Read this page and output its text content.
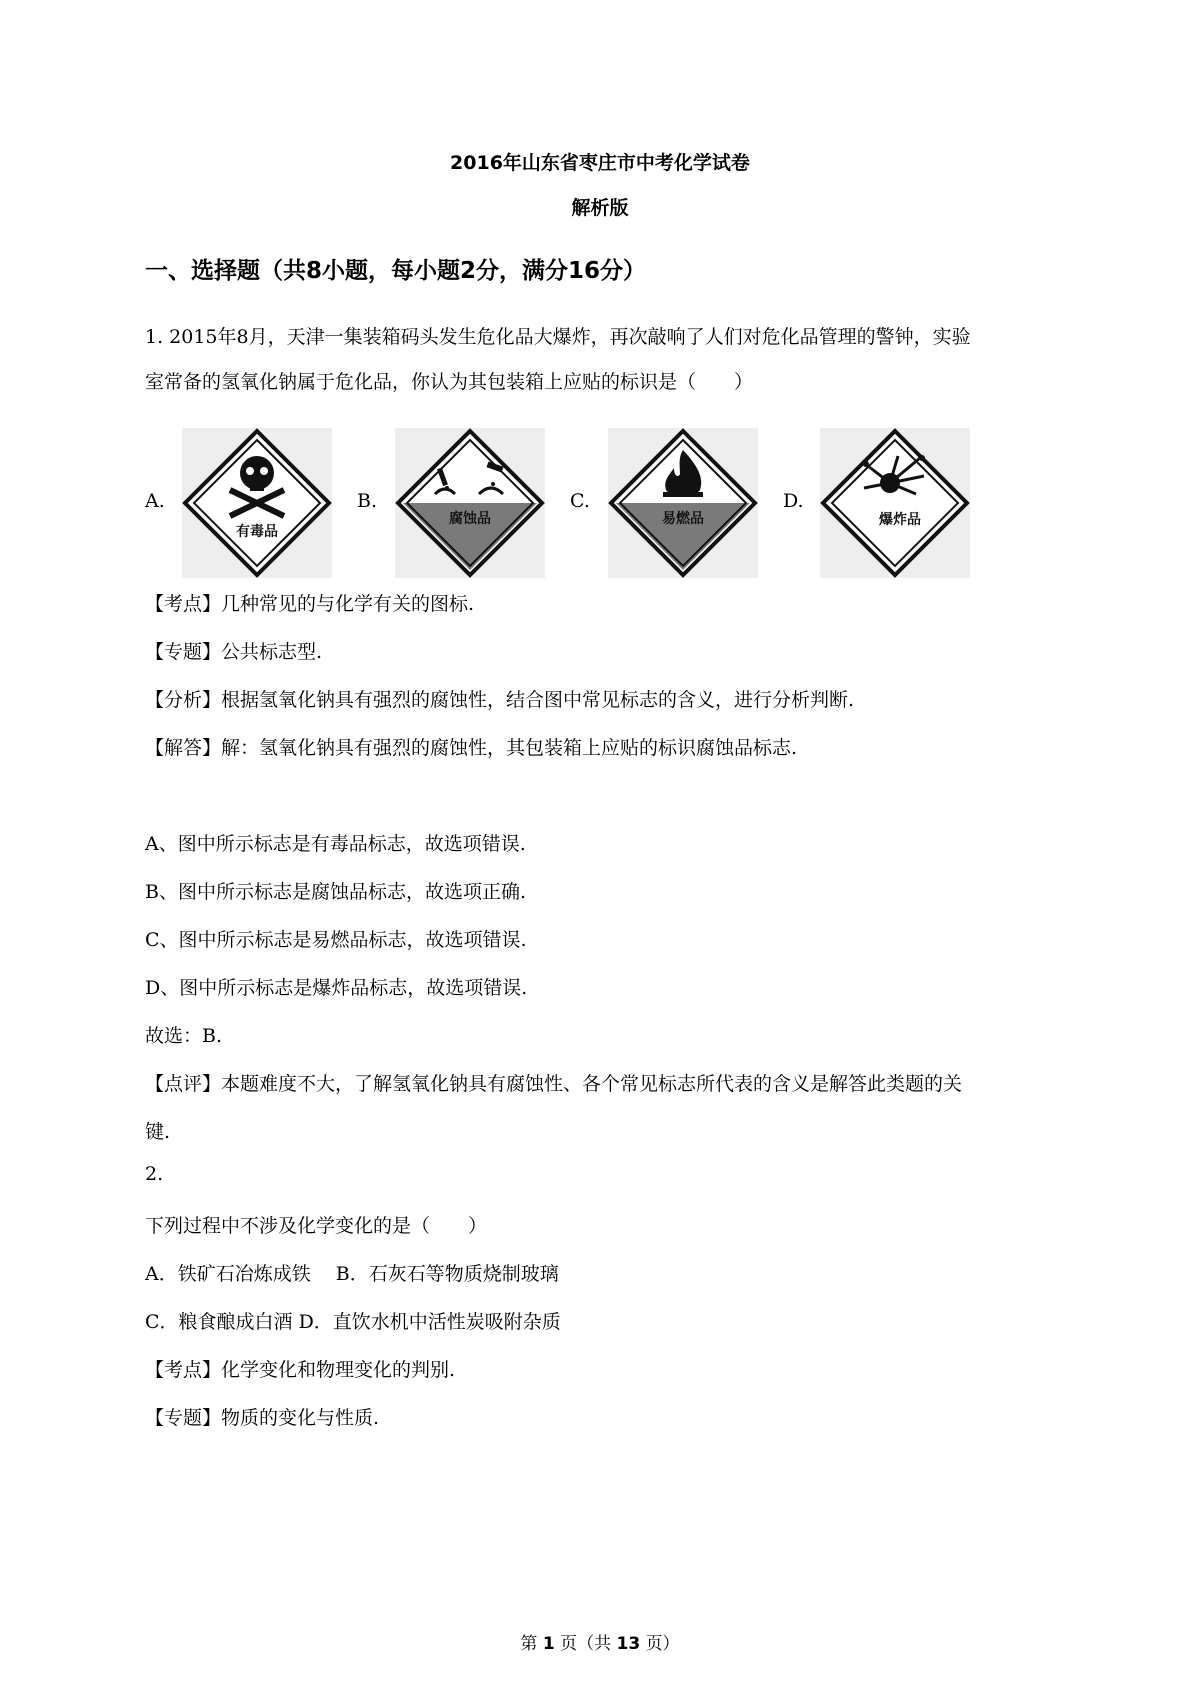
2016年山东省枣庄市中考化学试卷
解析版
一、选择题（共8小题，每小题2分，满分16分）
1. 2015年8月，天津一集装箱码头发生危化品大爆炸，再次敲响了人们对危化品管理的警钟，实验
室常备的氢氧化钠属于危化品，你认为其包装箱上应贴的标识是（　　）
A.
有毒品
B.
腐蚀品
C.
易燃品
D.
爆炸品
【考点】几种常见的与化学有关的图标.
【专题】公共标志型.
【分析】根据氢氧化钠具有强烈的腐蚀性，结合图中常见标志的含义，进行分析判断.
【解答】解：氢氧化钠具有强烈的腐蚀性，其包装箱上应贴的标识腐蚀品标志.
A、图中所示标志是有毒品标志，故选项错误.
B、图中所示标志是腐蚀品标志，故选项正确.
C、图中所示标志是易燃品标志，故选项错误.
D、图中所示标志是爆炸品标志，故选项错误.
故选：B.
【点评】本题难度不大，了解氢氧化钠具有腐蚀性、各个常见标志所代表的含义是解答此类题的关
键.
2.
下列过程中不涉及化学变化的是（　　）
A．铁矿石冶炼成铁　 B．石灰石等物质烧制玻璃
C．粮食酿成白酒 D．直饮水机中活性炭吸附杂质
【考点】化学变化和物理变化的判别.
【专题】物质的变化与性质.
第 1 页（共 13 页）
